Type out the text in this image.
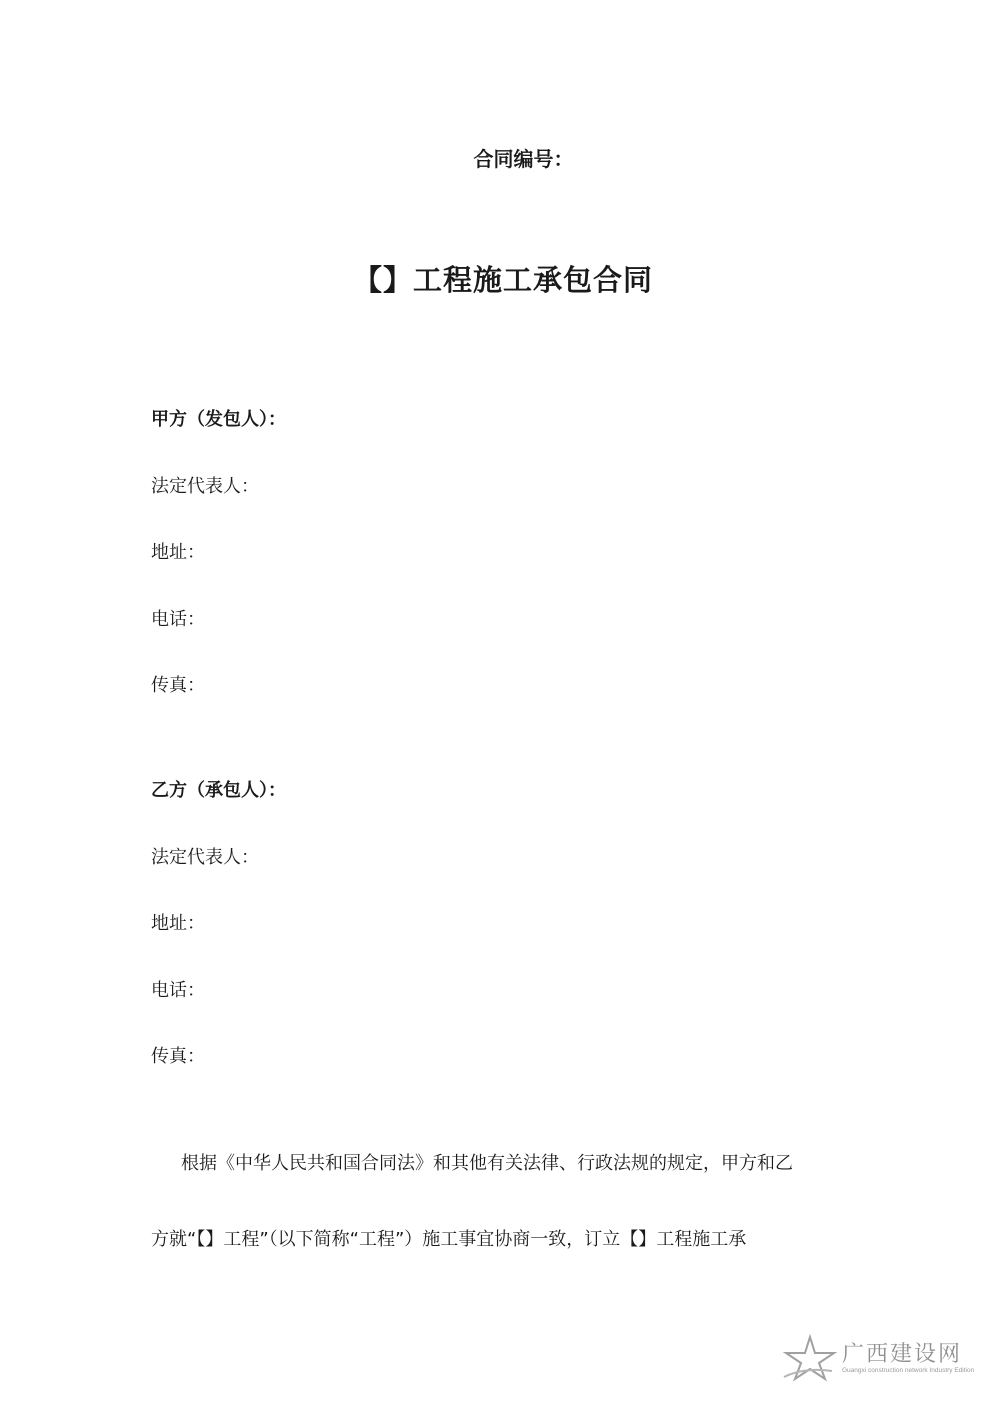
合同编号：
【】工程施工承包合同
甲方（发包人）：
法定代表人：
地址：
电话：
传真：
乙方（承包人）：
法定代表人：
地址：
电话：
传真：
根据《中华人民共和国合同法》和其他有关法律、行政法规的规定，甲方和乙
方就“【】工程”（以下简称“工程”）施工事宜协商一致，订立【】工程施工承
广西建设网
Guangxi construction network Industry Edition
